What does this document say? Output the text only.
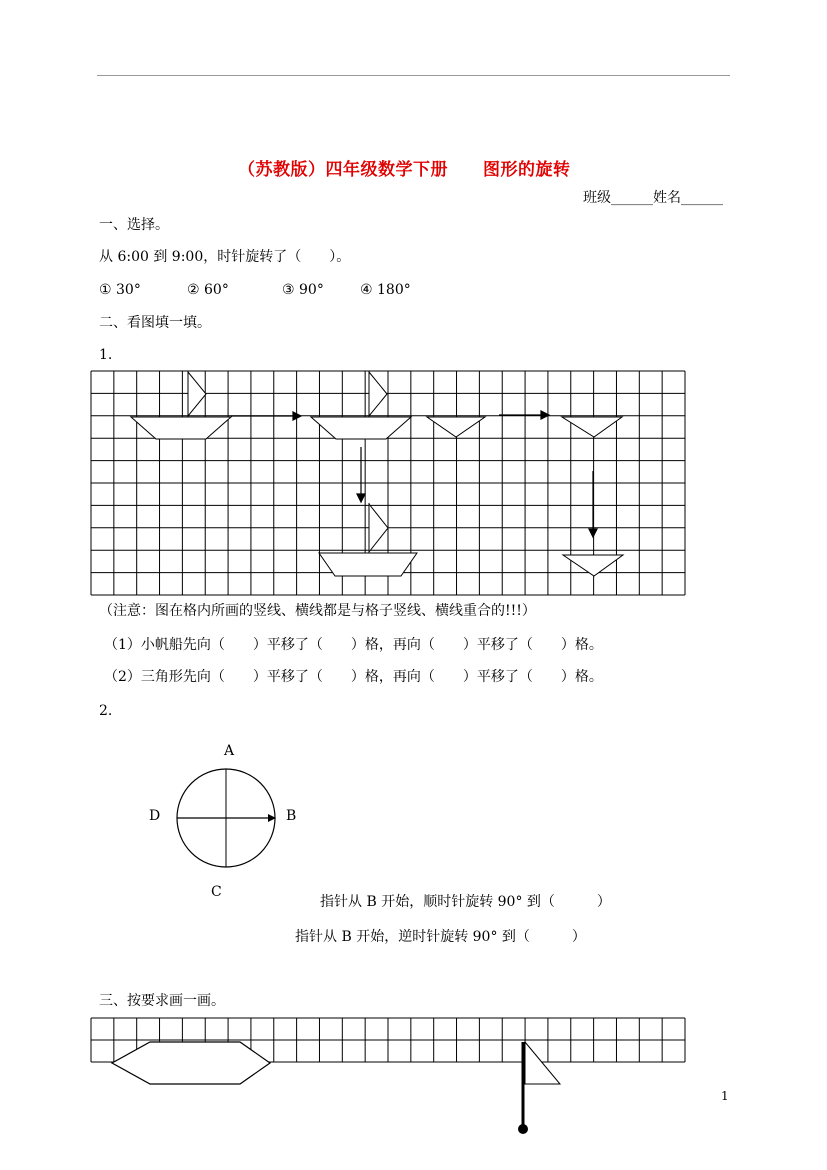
（苏教版）四年级数学下册　　图形的旋转
班级______姓名______
一、选择。
从 6:00 到 9:00，时针旋转了（　　）。
① 30°	② 60°	③ 90°	④ 180°
二、看图填一填。
1.
（注意：图在格内所画的竖线、横线都是与格子竖线、横线重合的!!!）
（1）小帆船先向（　　）平移了（　　）格，再向（　　）平移了（　　）格。
（2）三角形先向（　　）平移了（　　）格，再向（　　）平移了（　　）格。
2.
A
B
C
D
指针从 B 开始，顺时针旋转 90° 到（　　　）
指针从 B 开始，逆时针旋转 90° 到（　　　）
三、按要求画一画。
1
